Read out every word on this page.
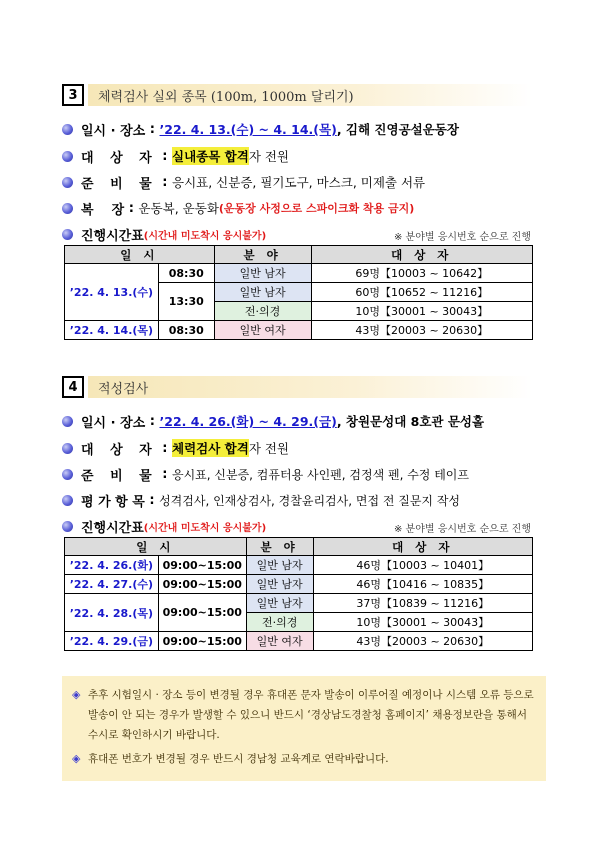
3	체력검사 실외 종목 (100m, 1000m 달리기)
일시 · 장소 : ’22. 4. 13.(수) ~ 4. 14.(목) , 김해 진영공설운동장
대 상 자 : 실내종목 합격 자 전원
준 비 물 : 응시표, 신분증, 필기도구, 마스크, 미제출 서류
복    장 : 운동복, 운동화 (운동장 사정으로 스파이크화 착용 금지)
진행시간표 (시간내 미도착시 응시불가)	※ 분야별 응시번호 순으로 진행
일 시		분 야	대 상 자
’22. 4. 13.(수)	08:30	일반 남자	69명【10003 ~ 10642】
	13:30	일반 남자	60명【10652 ~ 11216】
		전·의경	10명【30001 ~ 30043】
’22. 4. 14.(목)	08:30	일반 여자	43명【20003 ~ 20630】
4	적성검사
일시 · 장소 : ’22. 4. 26.(화) ~ 4. 29.(금) , 창원문성대 8호관 문성홀
대 상 자 : 체력검사 합격 자 전원
준 비 물 : 응시표, 신분증, 컴퓨터용 사인펜, 검정색 펜, 수정 테이프
평 가 항 목 : 성격검사, 인재상검사, 경찰윤리검사, 면접 전 질문지 작성
진행시간표 (시간내 미도착시 응시불가)	※ 분야별 응시번호 순으로 진행
일 시		분 야	대 상 자
’22. 4. 26.(화)	09:00~15:00	일반 남자	46명【10003 ~ 10401】
’22. 4. 27.(수)	09:00~15:00	일반 남자	46명【10416 ~ 10835】
’22. 4. 28.(목)	09:00~15:00	일반 남자	37명【10839 ~ 11216】
		전·의경	10명【30001 ~ 30043】
’22. 4. 29.(금)	09:00~15:00	일반 여자	43명【20003 ~ 20630】
◈ 추후 시험일시 · 장소 등이 변경될 경우 휴대폰 문자 발송이 이루어질 예정이나 시스템 오류 등으로 발송이 안 되는 경우가 발생할 수 있으니 반드시 ‘경상남도경찰청 홈페이지’ 채용정보란을 통해서 수시로 확인하시기 바랍니다.
◈ 휴대폰 번호가 변경될 경우 반드시 경남청 교육계로 연락바랍니다.
